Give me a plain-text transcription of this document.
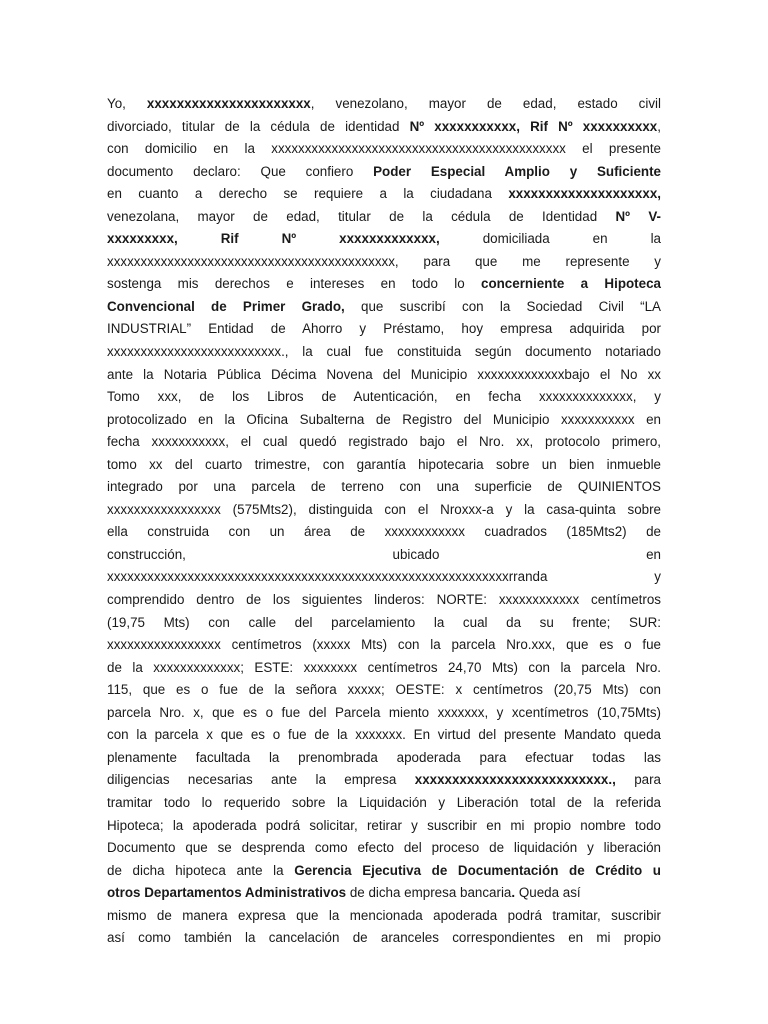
Yo, xxxxxxxxxxxxxxxxxxxxxx, venezolano, mayor de edad, estado civil
divorciado, titular de la cédula de identidad Nº xxxxxxxxxxx, Rif Nº xxxxxxxxxx,
con domicilio en la xxxxxxxxxxxxxxxxxxxxxxxxxxxxxxxxxxxxxxxxxxxx el presente
documento declaro: Que confiero Poder Especial Amplio y Suficiente
en cuanto a derecho se requiere a la ciudadana xxxxxxxxxxxxxxxxxxxx,
venezolana, mayor de edad, titular de la cédula de Identidad Nº V-
xxxxxxxxx, Rif Nº xxxxxxxxxxxxx, domiciliada en la
xxxxxxxxxxxxxxxxxxxxxxxxxxxxxxxxxxxxxxxxxxx, para que me represente y
sostenga mis derechos e intereses en todo lo concerniente a Hipoteca
Convencional de Primer Grado, que suscribí con la Sociedad Civil “LA
INDUSTRIAL” Entidad de Ahorro y Préstamo, hoy empresa adquirida por
xxxxxxxxxxxxxxxxxxxxxxxxxx., la cual fue constituida según documento notariado
ante la Notaria Pública Décima Novena del Municipio xxxxxxxxxxxxxbajo el No xx
Tomo xxx, de los Libros de Autenticación, en fecha xxxxxxxxxxxxxx, y
protocolizado en la Oficina Subalterna de Registro del Municipio xxxxxxxxxxx en
fecha xxxxxxxxxxx, el cual quedó registrado bajo el Nro. xx, protocolo primero,
tomo xx del cuarto trimestre, con garantía hipotecaria sobre un bien inmueble
integrado por una parcela de terreno con una superficie de QUINIENTOS
xxxxxxxxxxxxxxxxx (575Mts2), distinguida con el Nroxxx-a y la casa-quinta sobre
ella construida con un área de xxxxxxxxxxxx cuadrados (185Mts2) de
construcción, ubicado en
xxxxxxxxxxxxxxxxxxxxxxxxxxxxxxxxxxxxxxxxxxxxxxxxxxxxxxxxxxxxrranda y
comprendido dentro de los siguientes linderos: NORTE: xxxxxxxxxxxx centímetros
(19,75 Mts) con calle del parcelamiento la cual da su frente; SUR:
xxxxxxxxxxxxxxxxx centímetros (xxxxx Mts) con la parcela Nro.xxx, que es o fue
de la xxxxxxxxxxxxx; ESTE: xxxxxxxx centímetros 24,70 Mts) con la parcela Nro.
115, que es o fue de la señora xxxxx; OESTE: x centímetros (20,75 Mts) con
parcela Nro. x, que es o fue del Parcela miento xxxxxxx, y xcentímetros (10,75Mts)
con la parcela x que es o fue de la xxxxxxx. En virtud del presente Mandato queda
plenamente facultada la prenombrada apoderada para efectuar todas las
diligencias necesarias ante la empresa xxxxxxxxxxxxxxxxxxxxxxxxxx., para
tramitar todo lo requerido sobre la Liquidación y Liberación total de la referida
Hipoteca; la apoderada podrá solicitar, retirar y suscribir en mi propio nombre todo
Documento que se desprenda como efecto del proceso de liquidación y liberación
de dicha hipoteca ante la Gerencia Ejecutiva de Documentación de Crédito u
otros Departamentos Administrativos de dicha empresa bancaria. Queda así
mismo de manera expresa que la mencionada apoderada podrá tramitar, suscribir
así como también la cancelación de aranceles correspondientes en mi propio
